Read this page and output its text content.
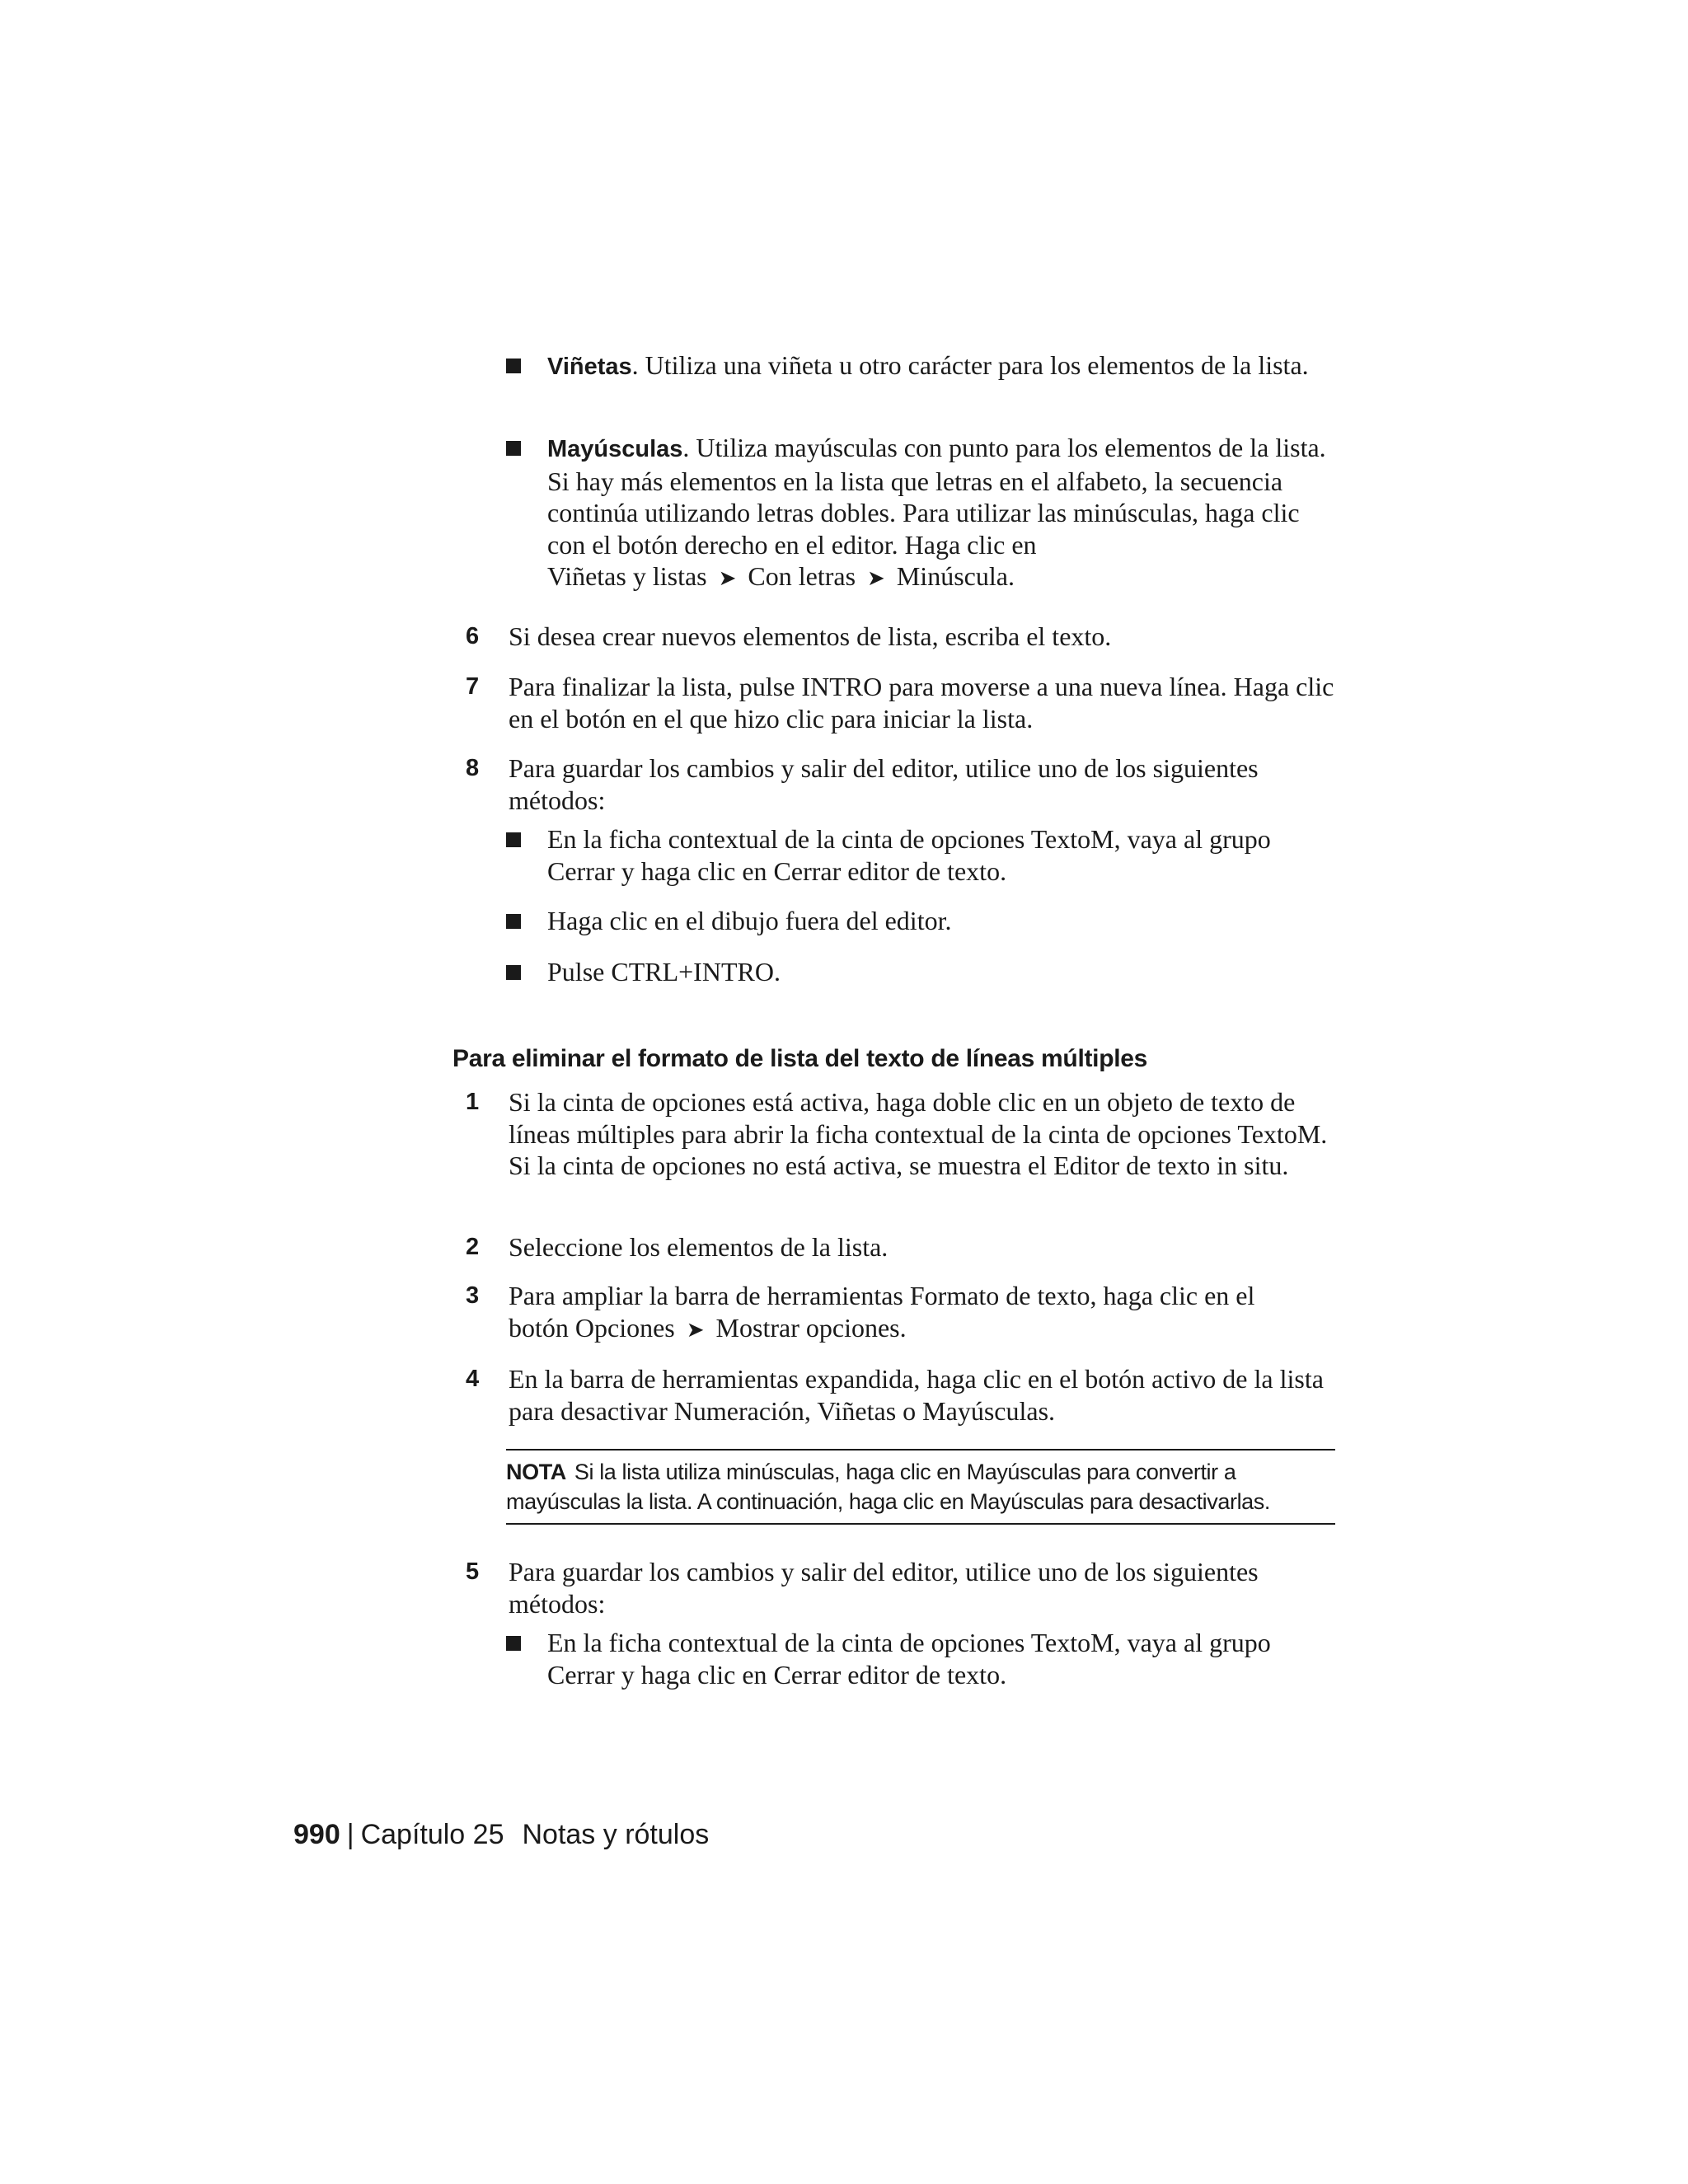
Viñetas. Utiliza una viñeta u otro carácter para los elementos de la lista.
Mayúsculas. Utiliza mayúsculas con punto para los elementos de la lista. Si hay más elementos en la lista que letras en el alfabeto, la secuencia continúa utilizando letras dobles. Para utilizar las minúsculas, haga clic con el botón derecho en el editor. Haga clic en
Viñetas y listas ➤ Con letras ➤ Minúscula.
6	Si desea crear nuevos elementos de lista, escriba el texto.
7	Para finalizar la lista, pulse INTRO para moverse a una nueva línea. Haga clic en el botón en el que hizo clic para iniciar la lista.
8	Para guardar los cambios y salir del editor, utilice uno de los siguientes métodos:
En la ficha contextual de la cinta de opciones TextoM, vaya al grupo Cerrar y haga clic en Cerrar editor de texto.
Haga clic en el dibujo fuera del editor.
Pulse CTRL+INTRO.
Para eliminar el formato de lista del texto de líneas múltiples
1	Si la cinta de opciones está activa, haga doble clic en un objeto de texto de líneas múltiples para abrir la ficha contextual de la cinta de opciones TextoM. Si la cinta de opciones no está activa, se muestra el Editor de texto in situ.
2	Seleccione los elementos de la lista.
3	Para ampliar la barra de herramientas Formato de texto, haga clic en el
botón Opciones ➤ Mostrar opciones.
4	En la barra de herramientas expandida, haga clic en el botón activo de la lista para desactivar Numeración, Viñetas o Mayúsculas.
NOTA Si la lista utiliza minúsculas, haga clic en Mayúsculas para convertir a mayúsculas la lista. A continuación, haga clic en Mayúsculas para desactivarlas.
5	Para guardar los cambios y salir del editor, utilice uno de los siguientes métodos:
En la ficha contextual de la cinta de opciones TextoM, vaya al grupo Cerrar y haga clic en Cerrar editor de texto.
990 | Capítulo 25 Notas y rótulos
